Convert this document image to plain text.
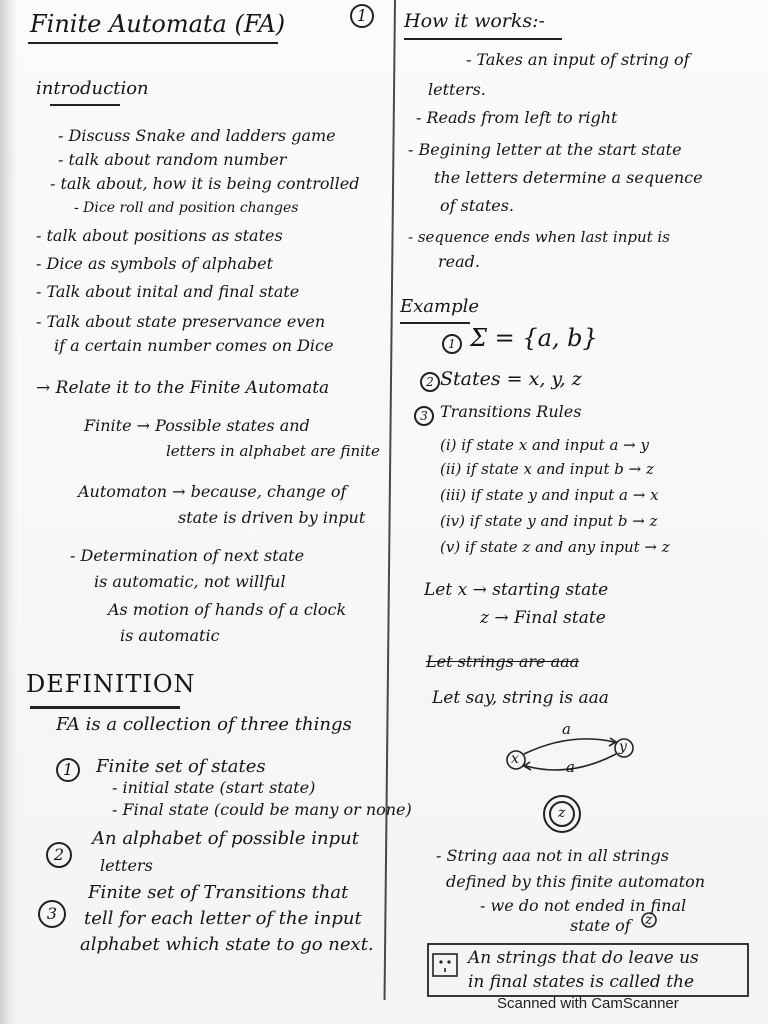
Finite Automata (FA)	1
introduction
- Discuss Snake and ladders game
- talk about random number
- talk about, how it is being controlled
- Dice roll and position changes
- talk about positions as states
- Dice as symbols of alphabet
- Talk about inital and final state
- Talk about state preservance even
if a certain number comes on Dice
→ Relate it to the Finite Automata
Finite → Possible states and
letters in alphabet are finite
Automaton → because, change of
state is driven by input
- Determination of next state
is automatic, not willful
As motion of hands of a clock
is automatic
DEFINITION
FA is a collection of three things
1	Finite set of states
- initial state (start state)
- Final state (could be many or none)
2
An alphabet of possible input
letters
3
Finite set of Transitions that
tell for each letter of the input
alphabet which state to go next.
How it works:-
- Takes an input of string of
letters.
- Reads from left to right
- Begining letter at the start state
the letters determine a sequence
of states.
- sequence ends when last input is
read.
Example
1 Σ = {a, b}
2 States = x, y, z
3 Transitions Rules
(i) if state x and input a → y
(ii) if state x and input b → z
(iii) if state y and input a → x
(iv) if state y and input b → z
(v) if state z and any input → z
Let x → starting state
z → Final state
Let strings are aaa
Let say, string is aaa
a
a
x
y
z
- String aaa not in all strings
defined by this finite automaton
- we do not ended in final
state of z
An strings that do leave us
in final states is called the
Scanned with CamScanner
